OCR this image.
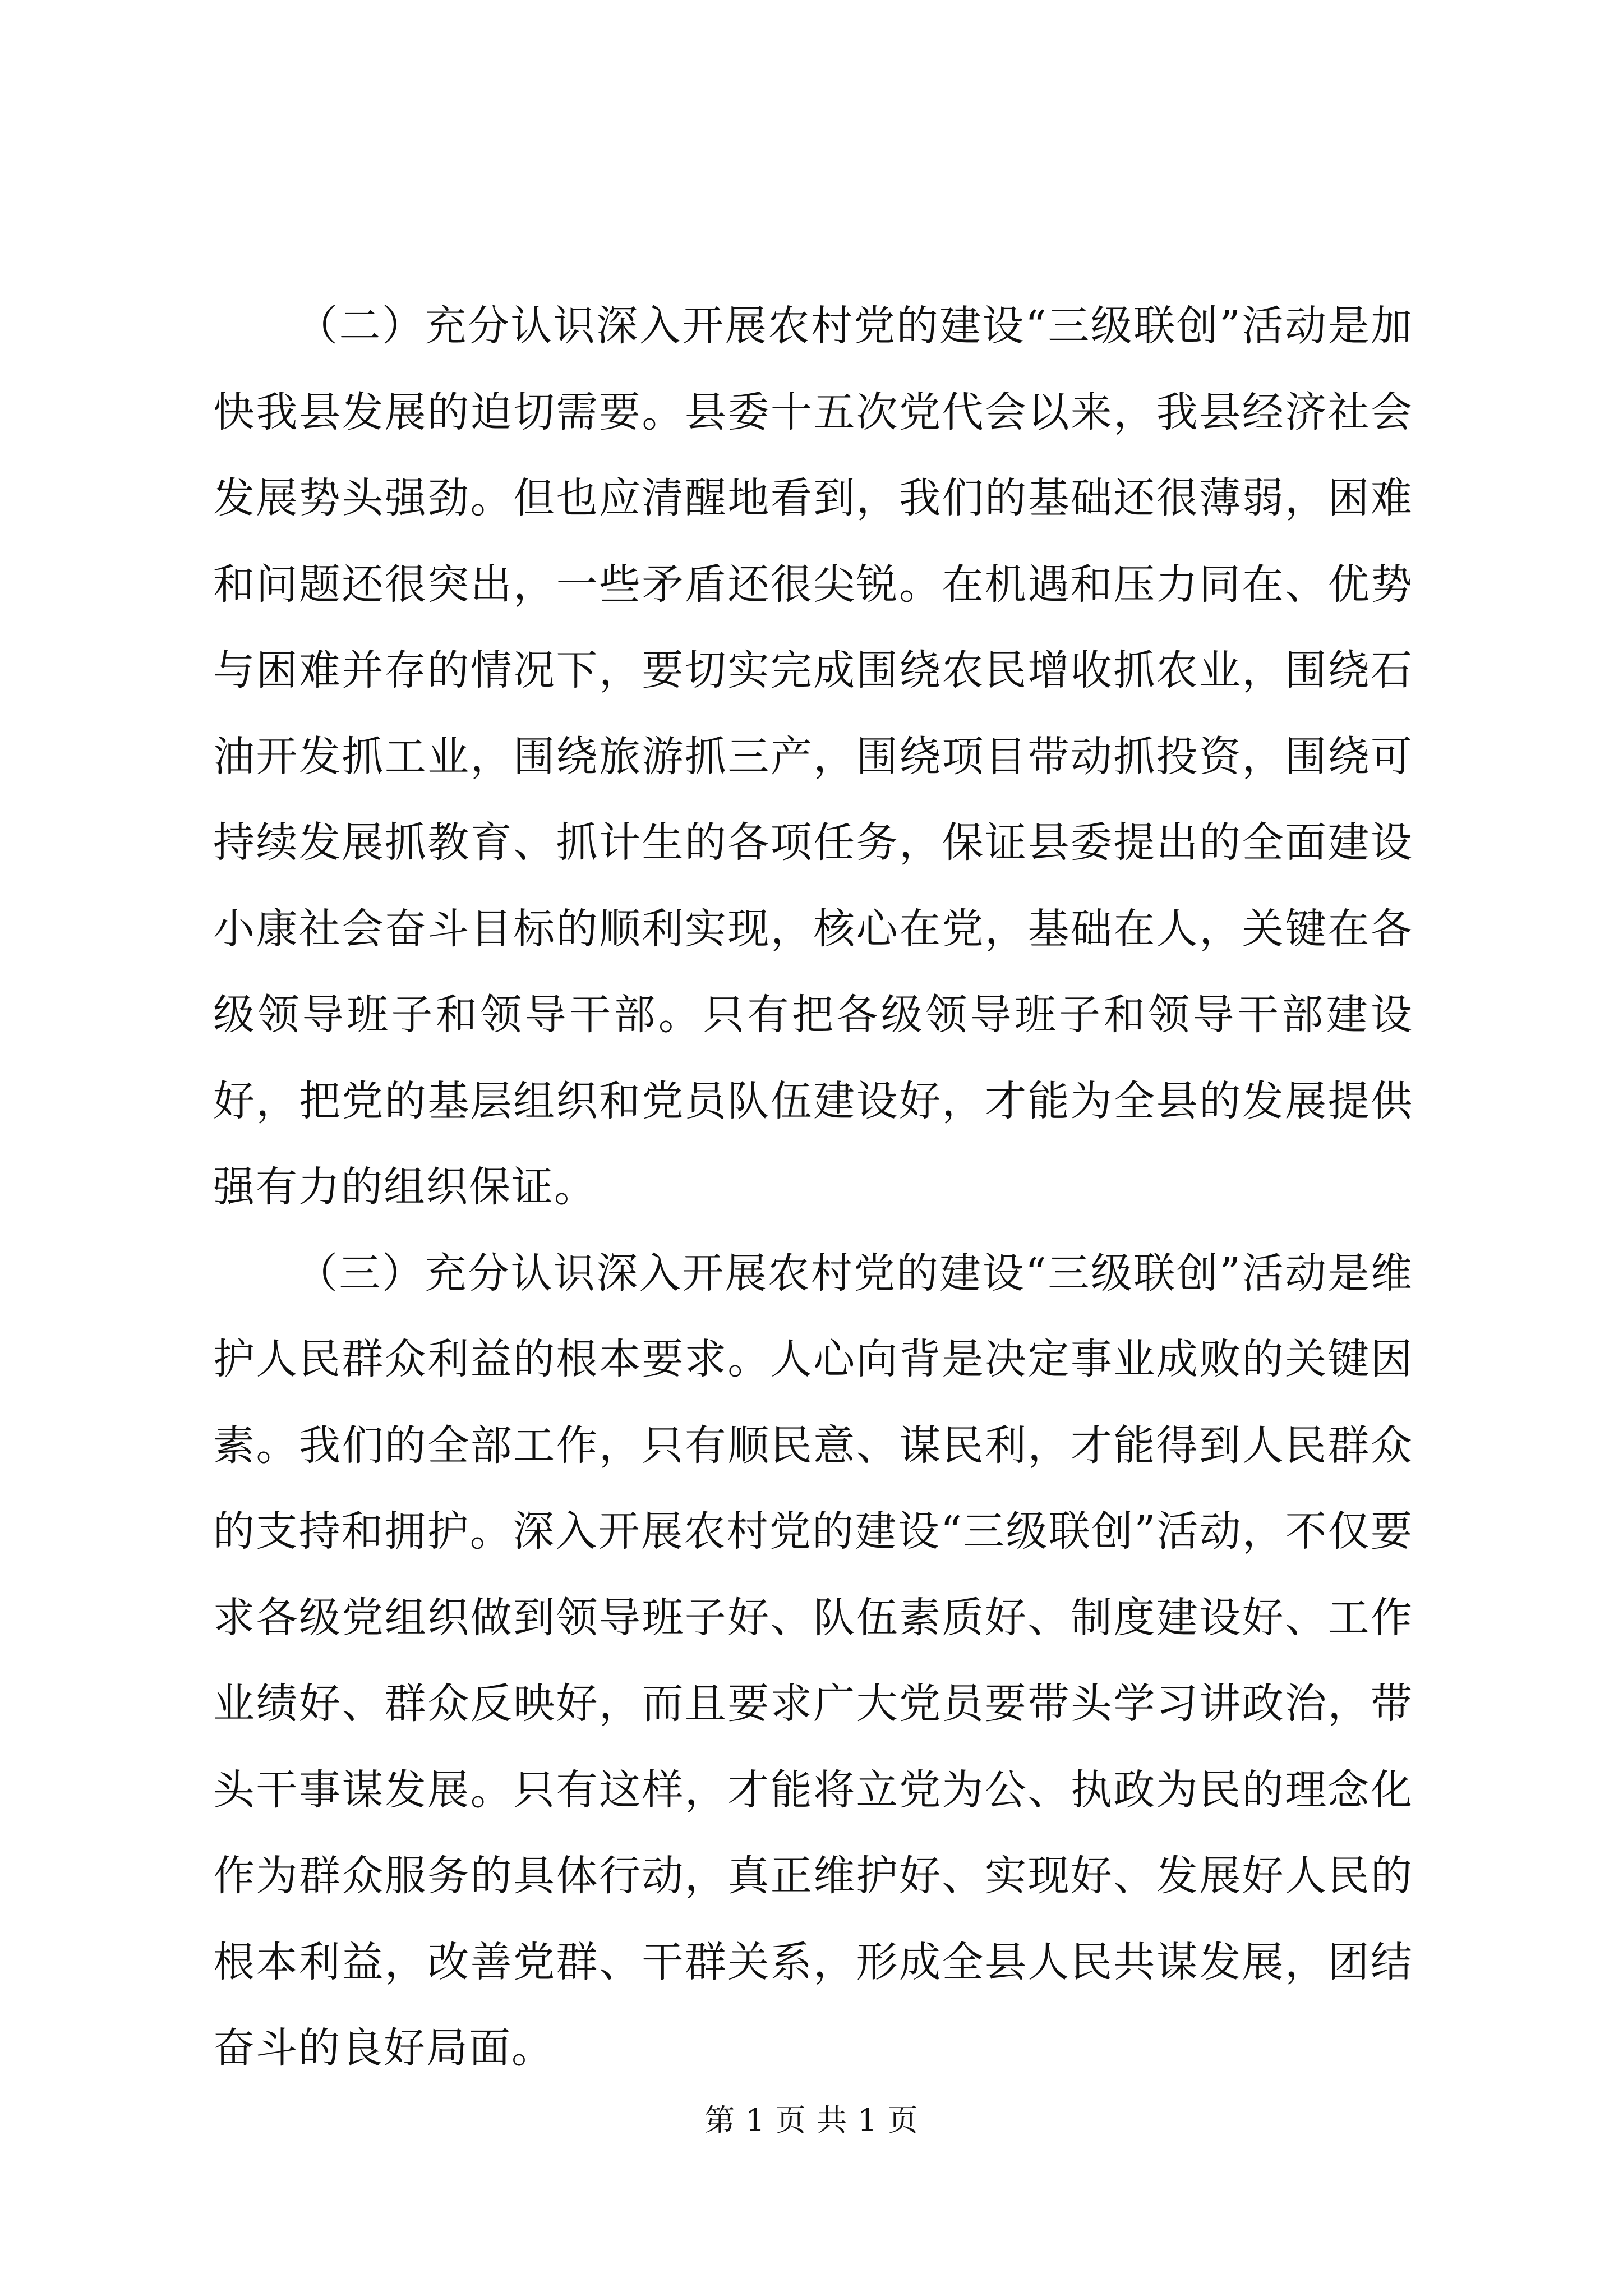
（二）充分认识深入开展农村党的建设“三级联创”活动是加快我县发展的迫切需要。县委十五次党代会以来，我县经济社会发展势头强劲。但也应清醒地看到，我们的基础还很薄弱，困难和问题还很突出，一些矛盾还很尖锐。在机遇和压力同在、优势与困难并存的情况下，要切实完成围绕农民增收抓农业，围绕石油开发抓工业，围绕旅游抓三产，围绕项目带动抓投资，围绕可持续发展抓教育、抓计生的各项任务，保证县委提出的全面建设小康社会奋斗目标的顺利实现，核心在党，基础在人，关键在各级领导班子和领导干部。只有把各级领导班子和领导干部建设好，把党的基层组织和党员队伍建设好，才能为全县的发展提供强有力的组织保证。

（三）充分认识深入开展农村党的建设“三级联创”活动是维护人民群众利益的根本要求。人心向背是决定事业成败的关键因素。我们的全部工作，只有顺民意、谋民利，才能得到人民群众的支持和拥护。深入开展农村党的建设“三级联创”活动，不仅要求各级党组织做到领导班子好、队伍素质好、制度建设好、工作业绩好、群众反映好，而且要求广大党员要带头学习讲政治，带头干事谋发展。只有这样，才能将立党为公、执政为民的理念化作为群众服务的具体行动，真正维护好、实现好、发展好人民的根本利益，改善党群、干群关系，形成全县人民共谋发展，团结奋斗的良好局面。

第 1 页 共 1 页
